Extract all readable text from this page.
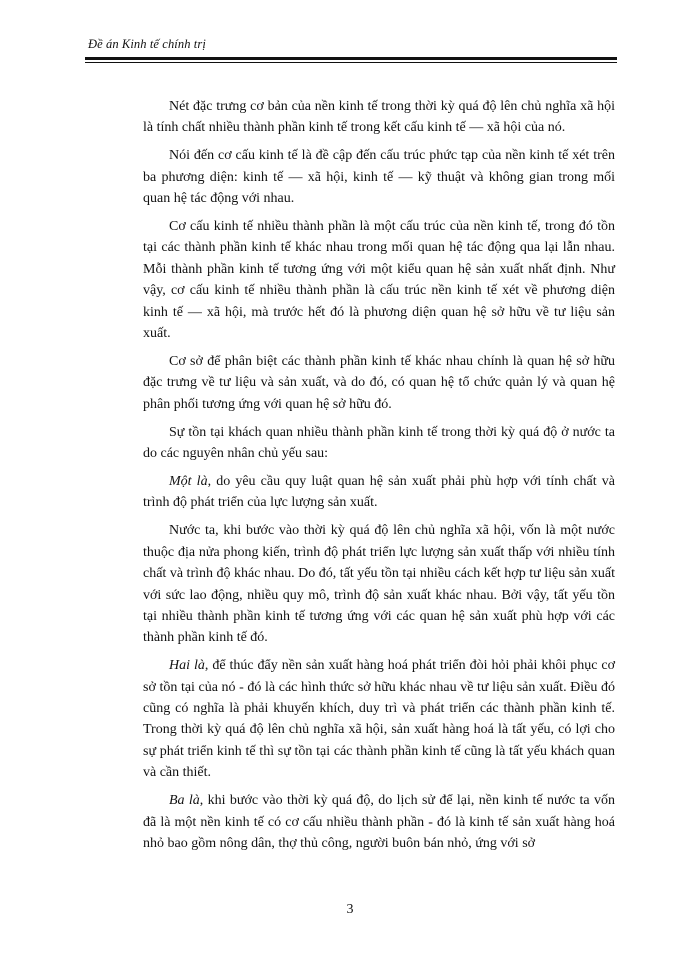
Đề án Kinh tế chính trị

Nét đặc trưng cơ bản của nền kinh tế trong thời kỳ quá độ lên chủ nghĩa xã hội là tính chất nhiều thành phần kinh tế trong kết cấu kinh tế — xã hội của nó.

Nói đến cơ cấu kinh tế là đề cập đến cấu trúc phức tạp của nền kinh tế xét trên ba phương diện: kinh tế — xã hội, kinh tế — kỹ thuật và không gian trong mối quan hệ tác động với nhau.

Cơ cấu kinh tế nhiều thành phần là một cấu trúc của nền kinh tế, trong đó tồn tại các thành phần kinh tế khác nhau trong mối quan hệ tác động qua lại lẫn nhau. Mỗi thành phần kinh tế tương ứng với một kiểu quan hệ sản xuất nhất định. Như vậy, cơ cấu kinh tế nhiều thành phần là cấu trúc nền kinh tế xét về phương diện kinh tế — xã hội, mà trước hết đó là phương diện quan hệ sở hữu về tư liệu sản xuất.

Cơ sở để phân biệt các thành phần kinh tế khác nhau chính là quan hệ sở hữu đặc trưng về tư liệu và sản xuất, và do đó, có quan hệ tổ chức quản lý và quan hệ phân phối tương ứng với quan hệ sở hữu đó.

Sự tồn tại khách quan nhiều thành phần kinh tế trong thời kỳ quá độ ở nước ta do các nguyên nhân chủ yếu sau:

Một là, do yêu cầu quy luật quan hệ sản xuất phải phù hợp với tính chất và trình độ phát triển của lực lượng sản xuất.

Nước ta, khi bước vào thời kỳ quá độ lên chủ nghĩa xã hội, vốn là một nước thuộc địa nửa phong kiến, trình độ phát triển lực lượng sản xuất thấp với nhiều tính chất và trình độ khác nhau. Do đó, tất yếu tồn tại nhiều cách kết hợp tư liệu sản xuất với sức lao động, nhiều quy mô, trình độ sản xuất khác nhau. Bởi vậy, tất yếu tồn tại nhiều thành phần kinh tế tương ứng với các quan hệ sản xuất phù hợp với các thành phần kinh tế đó.

Hai là, để thúc đẩy nền sản xuất hàng hoá phát triển đòi hỏi phải khôi phục cơ sở tồn tại của nó - đó là các hình thức sở hữu khác nhau về tư liệu sản xuất. Điều đó cũng có nghĩa là phải khuyến khích, duy trì và phát triển các thành phần kinh tế. Trong thời kỳ quá độ lên chủ nghĩa xã hội, sản xuất hàng hoá là tất yếu, có lợi cho sự phát triển kinh tế thì sự tồn tại các thành phần kinh tế cũng là tất yếu khách quan và cần thiết.

Ba là, khi bước vào thời kỳ quá độ, do lịch sử để lại, nền kinh tế nước ta vốn đã là một nền kinh tế có cơ cấu nhiều thành phần - đó là kinh tế sản xuất hàng hoá nhỏ bao gồm nông dân, thợ thủ công, người buôn bán nhỏ, ứng với sở

3
